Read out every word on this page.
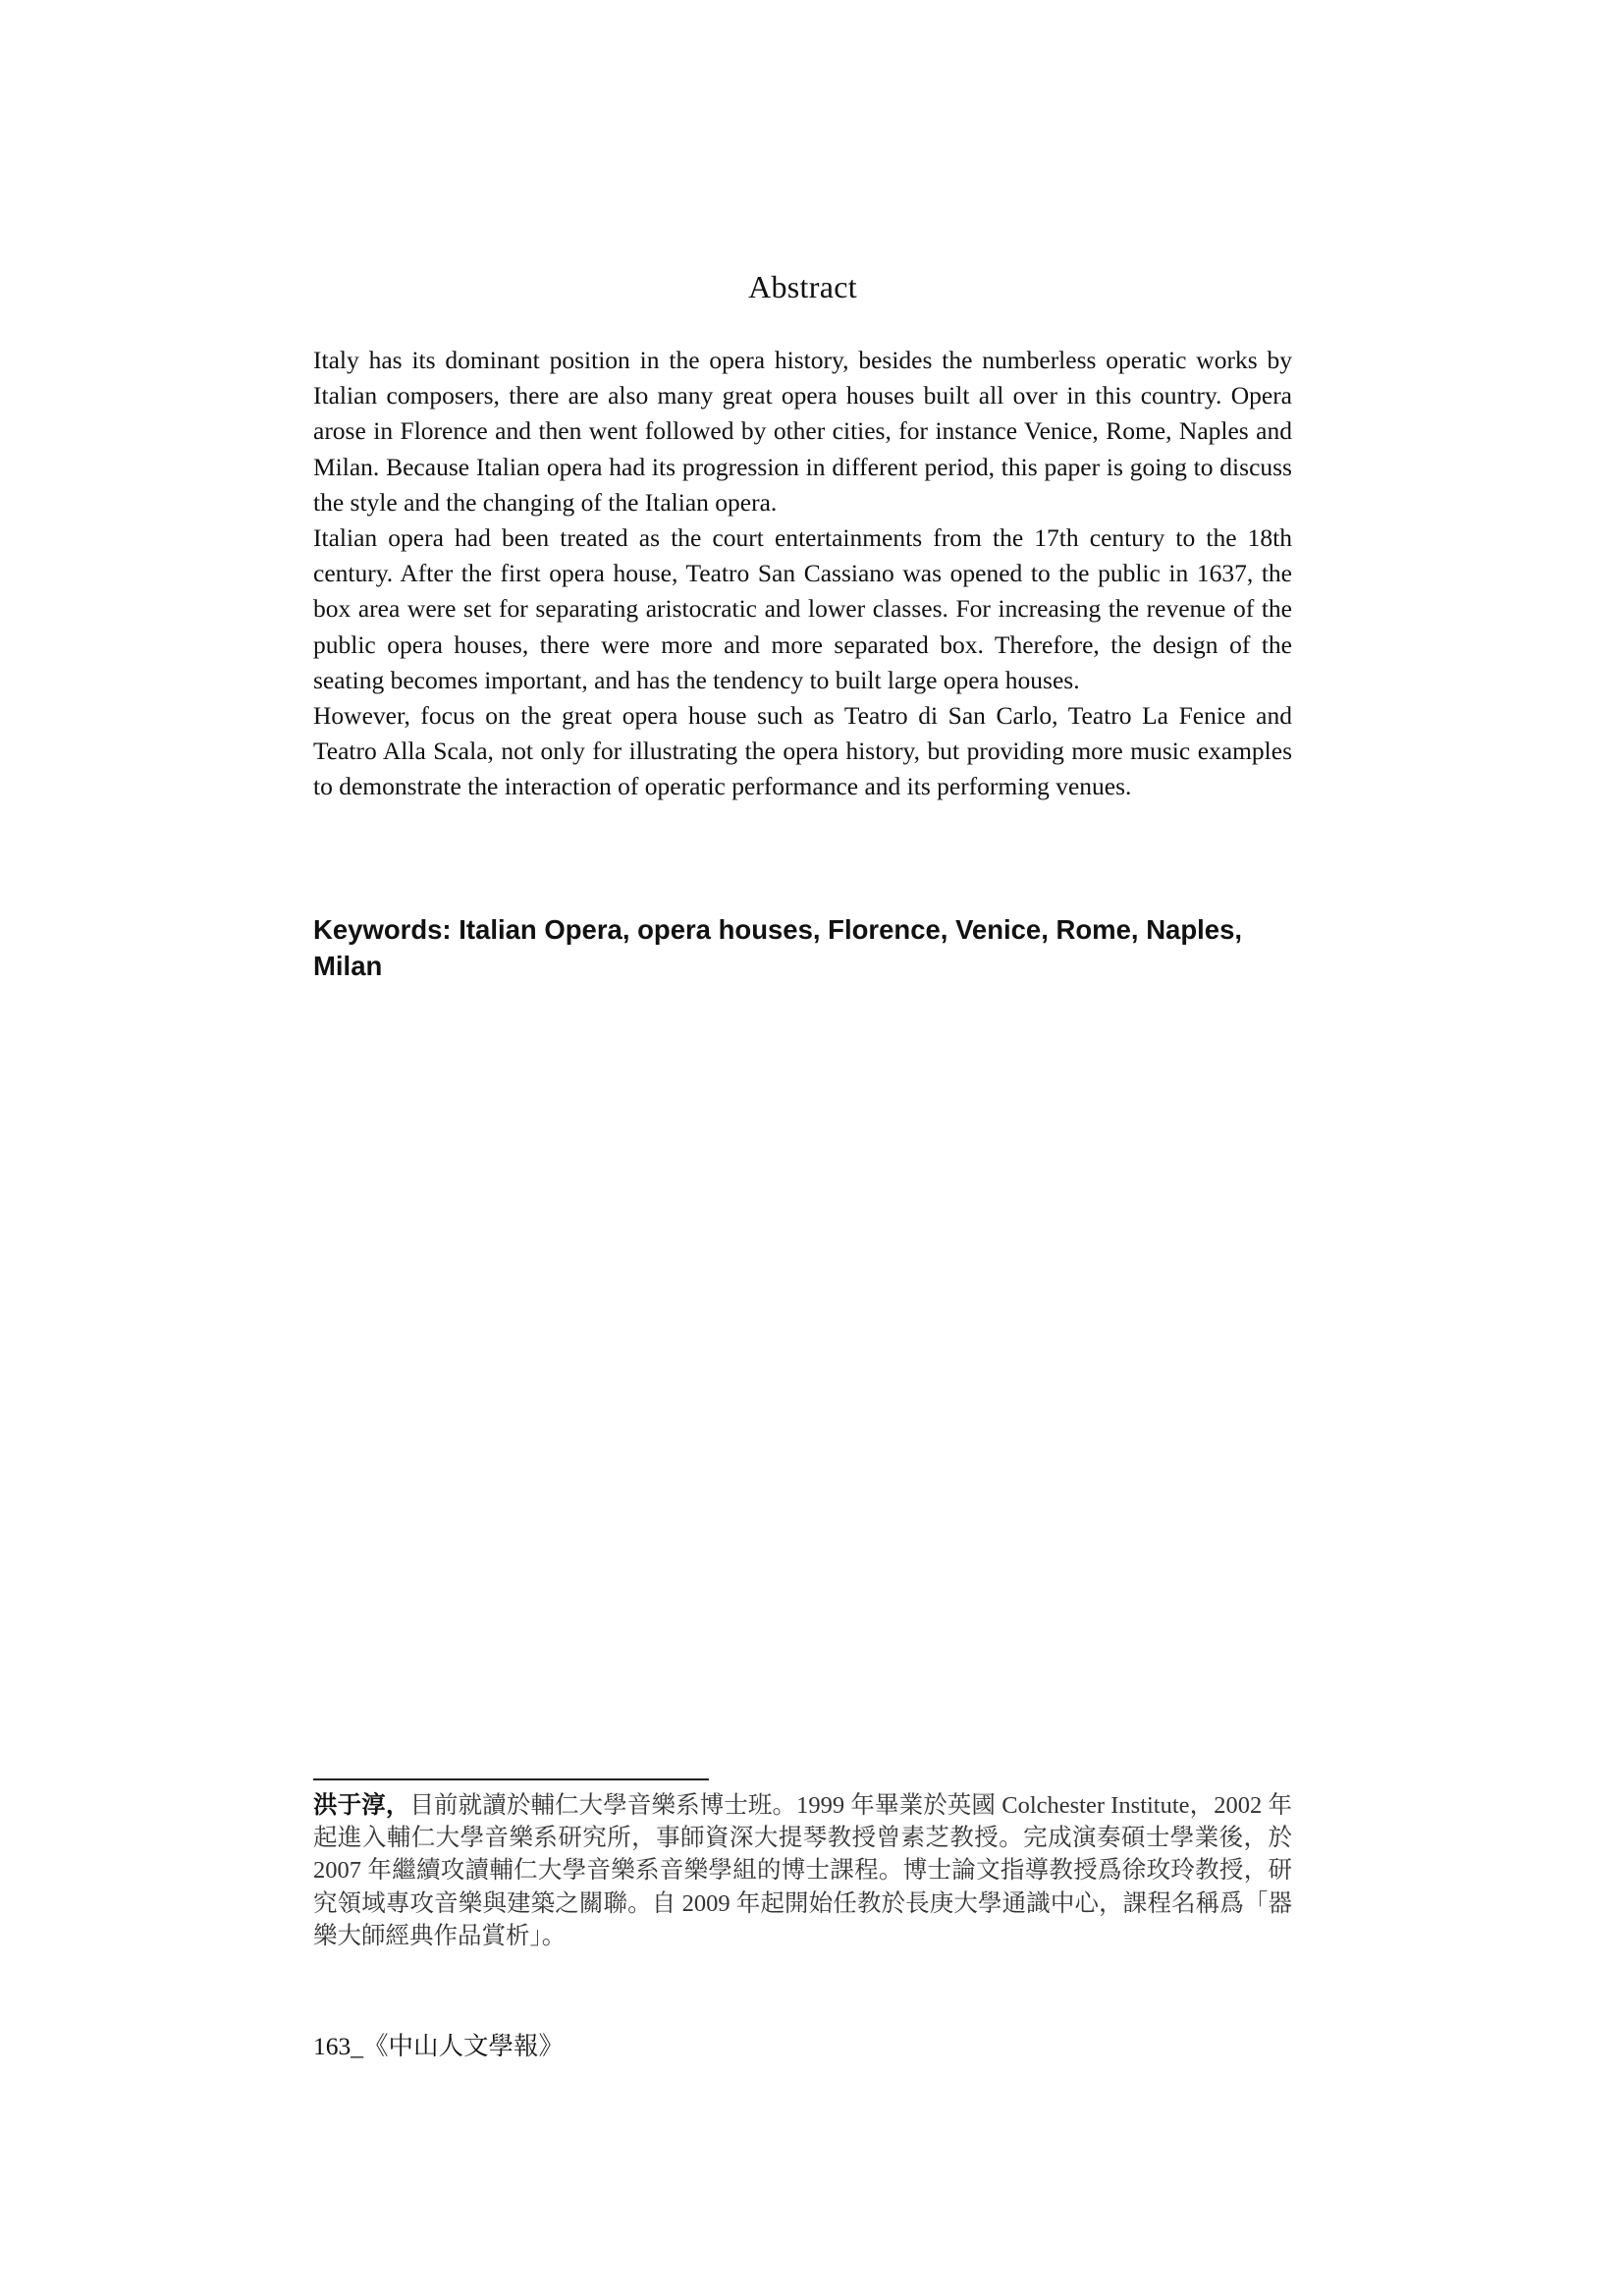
Abstract

Italy has its dominant position in the opera history, besides the numberless operatic works by Italian composers, there are also many great opera houses built all over in this country. Opera arose in Florence and then went followed by other cities, for instance Venice, Rome, Naples and Milan. Because Italian opera had its progression in different period, this paper is going to discuss the style and the changing of the Italian opera.

Italian opera had been treated as the court entertainments from the 17th century to the 18th century. After the first opera house, Teatro San Cassiano was opened to the public in 1637, the box area were set for separating aristocratic and lower classes. For increasing the revenue of the public opera houses, there were more and more separated box. Therefore, the design of the seating becomes important, and has the tendency to built large opera houses.

However, focus on the great opera house such as Teatro di San Carlo, Teatro La Fenice and Teatro Alla Scala, not only for illustrating the opera history, but providing more music examples to demonstrate the interaction of operatic performance and its performing venues.

Keywords: Italian Opera, opera houses, Florence, Venice, Rome, Naples, Milan

洪于淳，目前就讀於輔仁大學音樂系博士班。1999 年畢業於英國 Colchester Institute，2002 年起進入輔仁大學音樂系研究所，事師資深大提琴教授曾素芝教授。完成演奏碩士學業後，於 2007 年繼續攻讀輔仁大學音樂系音樂學組的博士課程。博士論文指導教授爲徐玫玲教授，研究領域專攻音樂與建築之關聯。自 2009 年起開始任教於長庚大學通識中心，課程名稱爲「器樂大師經典作品賞析」。

163_《中山人文學報》
